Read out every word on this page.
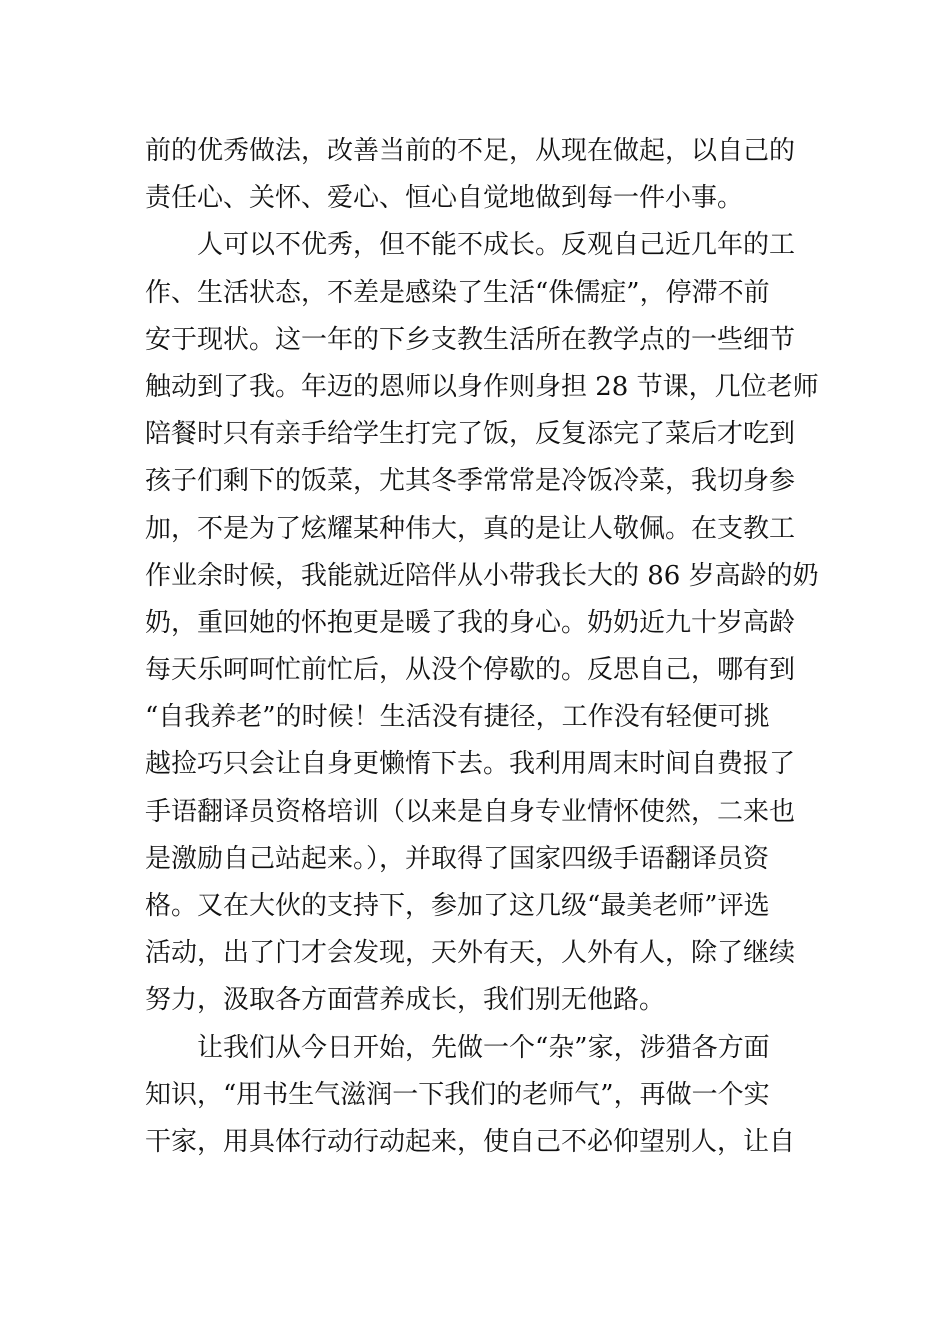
前的优秀做法，改善当前的不足，从现在做起，以自己的
责任心、关怀、爱心、恒心自觉地做到每一件小事。
人可以不优秀，但不能不成长。反观自己近几年的工
作、生活状态，不差是感染了生活“侏儒症”，停滞不前
安于现状。这一年的下乡支教生活所在教学点的一些细节
触动到了我。年迈的恩师以身作则身担 28 节课，几位老师
陪餐时只有亲手给学生打完了饭，反复添完了菜后才吃到
孩子们剩下的饭菜，尤其冬季常常是冷饭冷菜，我切身参
加，不是为了炫耀某种伟大，真的是让人敬佩。在支教工
作业余时候，我能就近陪伴从小带我长大的 86 岁高龄的奶
奶，重回她的怀抱更是暖了我的身心。奶奶近九十岁高龄
每天乐呵呵忙前忙后，从没个停歇的。反思自己，哪有到
“自我养老”的时候！生活没有捷径，工作没有轻便可挑
越捡巧只会让自身更懒惰下去。我利用周末时间自费报了
手语翻译员资格培训（以来是自身专业情怀使然，二来也
是激励自己站起来。），并取得了国家四级手语翻译员资
格。又在大伙的支持下，参加了这几级“最美老师”评选
活动，出了门才会发现，天外有天，人外有人，除了继续
努力，汲取各方面营养成长，我们别无他路。
让我们从今日开始，先做一个“杂”家，涉猎各方面
知识，“用书生气滋润一下我们的老师气”，再做一个实
干家，用具体行动行动起来，使自己不必仰望别人，让自
